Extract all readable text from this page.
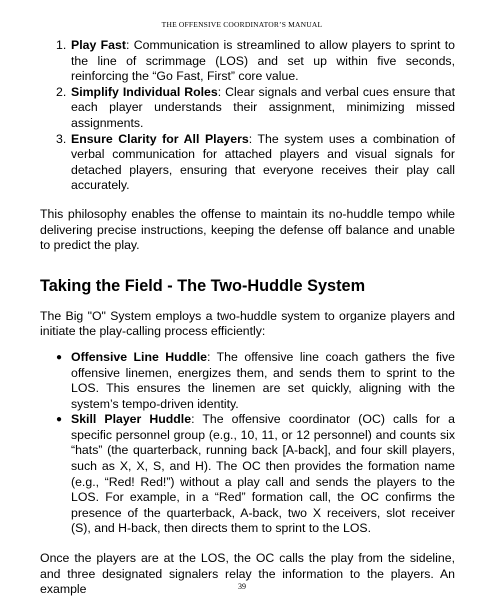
THE OFFENSIVE COORDINATOR’S MANUAL
1. Play Fast: Communication is streamlined to allow players to sprint to the line of scrimmage (LOS) and set up within five seconds, reinforcing the “Go Fast, First” core value.
2. Simplify Individual Roles: Clear signals and verbal cues ensure that each player understands their assignment, minimizing missed assignments.
3. Ensure Clarity for All Players: The system uses a combination of verbal communication for attached players and visual signals for detached players, ensuring that everyone receives their play call accurately.

This philosophy enables the offense to maintain its no-huddle tempo while delivering precise instructions, keeping the defense off balance and unable to predict the play.

Taking the Field - The Two-Huddle System

The Big "O" System employs a two-huddle system to organize players and initiate the play-calling process efficiently:

● Offensive Line Huddle: The offensive line coach gathers the five offensive linemen, energizes them, and sends them to sprint to the LOS. This ensures the linemen are set quickly, aligning with the system’s tempo-driven identity.
● Skill Player Huddle: The offensive coordinator (OC) calls for a specific personnel group (e.g., 10, 11, or 12 personnel) and counts six “hats” (the quarterback, running back [A-back], and four skill players, such as X, X, S, and H). The OC then provides the formation name (e.g., “Red! Red!”) without a play call and sends the players to the LOS. For example, in a “Red” formation call, the OC confirms the presence of the quarterback, A-back, two X receivers, slot receiver (S), and H-back, then directs them to sprint to the LOS.

Once the players are at the LOS, the OC calls the play from the sideline, and three designated signalers relay the information to the players. An example	39
